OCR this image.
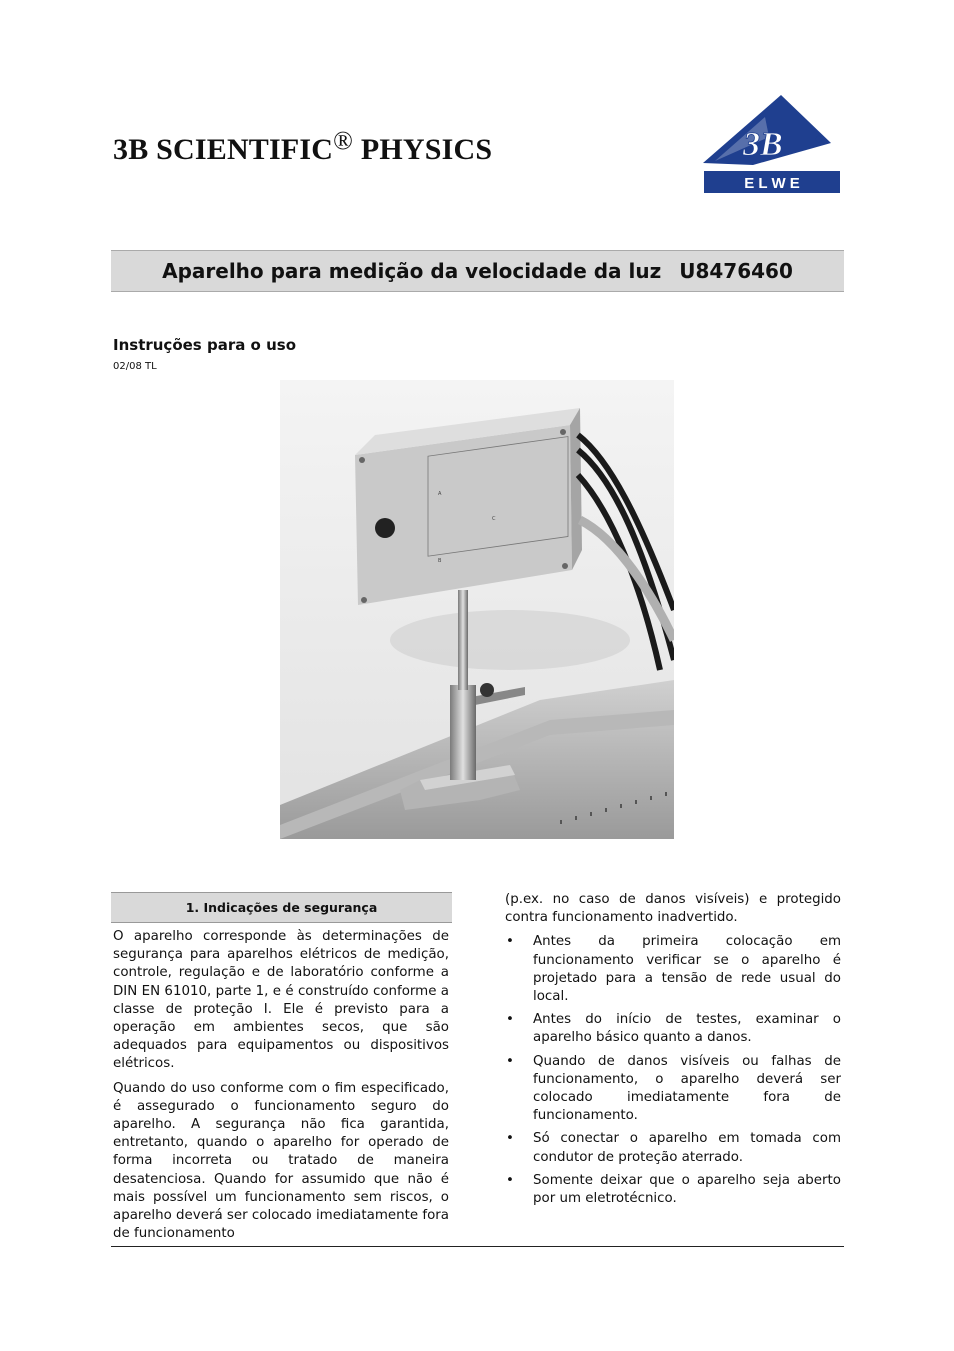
3B SCIENTIFIC® PHYSICS	3B
E L W E
Aparelho para medição da velocidade da luz U8476460
Instruções para o uso
02/08 TL
A
B
C
1. Indicações de segurança

O aparelho corresponde às determinações de segurança para aparelhos elétricos de medição, controle, regulação e de laboratório conforme a DIN EN 61010, parte 1, e é construído conforme a classe de proteção I. Ele é previsto para a operação em ambientes secos, que são adequados para equipamentos ou dispositivos elétricos.

Quando do uso conforme com o fim especificado, é assegurado o funcionamento seguro do aparelho. A segurança não fica garantida, entretanto, quando o aparelho for operado de forma incorreta ou tratado de maneira desatenciosa. Quando for assumido que não é mais possível um funcionamento sem riscos, o aparelho deverá ser colocado imediatamente fora de funcionamento

(p.ex. no caso de danos visíveis) e protegido contra funcionamento inadvertido.

• Antes da primeira colocação em funcionamento verificar se o aparelho é projetado para a tensão de rede usual do local.
• Antes do início de testes, examinar o aparelho básico quanto a danos.
• Quando de danos visíveis ou falhas de funcionamento, o aparelho deverá ser colocado imediatamente fora de funcionamento.
• Só conectar o aparelho em tomada com condutor de proteção aterrado.
• Somente deixar que o aparelho seja aberto por um eletrotécnico.
